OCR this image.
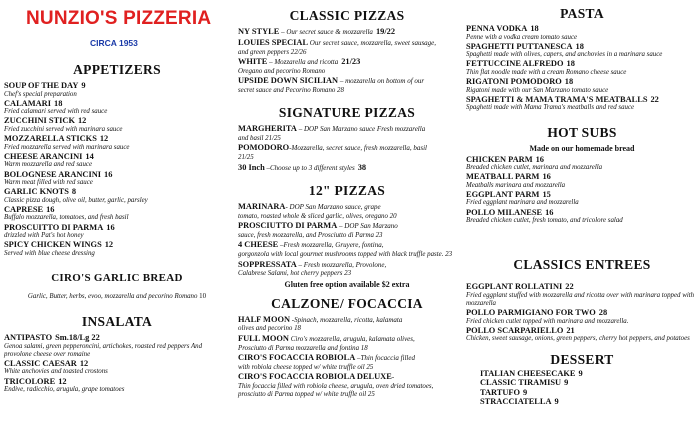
NUNZIO'S PIZZERIA
CIRCA 1953
APPETIZERS
SOUP OF THE DAY 9
Chef's special preparation
CALAMARI 18
Fried calamari served with red sauce
ZUCCHINI STICK 12
Fried zucchini served with marinara sauce
MOZZARELLA STICKS 12
Fried mozzarella served with marinara sauce
CHEESE ARANCINI 14
Warm mozzarella and red sauce
BOLOGNESE ARANCINI 16
Warm meat filled with red sauce
GARLIC KNOTS 8
Classic pizza dough, olive oil, butter, garlic, parsley
CAPRESE 16
Buffalo mozzarella, tomatoes, and fresh basil
PROSCUITTO DI PARMA 16
drizzled with Pat's hot honey
SPICY CHICKEN WINGS 12
Served with blue cheese dressing
CIRO'S GARLIC BREAD
Garlic, Butter, herbs, evoo, mozzarella and pecorino Romano 10
INSALATA
ANTIPASTO Sm.18/Lg 22
Genoa salami, green pepperoncini, artichokes, roasted red peppers And provolone cheese over romaine
CLASSIC CAESAR 12
White anchovies and toasted crostons
TRICOLORE 12
Endive, radicchio, arugula, grape tomatoes
CLASSIC PIZZAS
NY STYLE – Our secret sauce & mozzarella 19/22
LOUIES SPECIAL Our secret sauce, mozzarella, sweet sausage,
and green peppers 22/26
WHITE – Mozzarella and ricotta 21/23
Oregano and pecorino Romano
UPSIDE DOWN SICILIAN – mozzarella on bottom of our
secret sauce and Pecorino Romano 28
SIGNATURE PIZZAS
MARGHERITA – DOP San Marzano sauce Fresh mozzarella
and basil 21/25
POMODORO-Mozzarella, secret sauce, fresh mozzarella, basil
21/25
30 Inch –Choose up to 3 different styles 38
12" PIZZAS
MARINARA- DOP San Marzano sauce, grape
tomato, roasted whole & sliced garlic, olives, oregano 20
PROSCIUTTO DI PARMA – DOP San Marzano
sauce, fresh mozzarella, and Prosciutto di Parma 23
4 CHEESE –Fresh mozzarella, Gruyere, fontina,
gorgonzola with local gourmet mushrooms topped with black truffle paste. 23
SOPPRESSATA – Fresh mozzarella, Provolone,
Calabrese Salami, hot cherry peppers 23
Gluten free option available $2 extra
CALZONE/ FOCACCIA
HALF MOON -Spinach, mozzarella, ricotta, kalamata
olives and pecorino 18
FULL MOON Ciro's mozzarella, arugula, kalamata olives,
Prosciutto di Parma mozzarella and fontina 18
CIRO'S FOCACCIA ROBIOLA –Thin focaccia filled
with robiola cheese topped w/ white truffle oil 25
CIRO'S FOCACCIA ROBIOLA DELUXE-
Thin focaccia filled with robiola cheese, arugula, oven dried tomatoes, prosciutto di Parma topped w/ white truffle oil 25
PASTA
PENNA VODKA 18
Penne with a vodka cream tomato sauce
SPAGHETTI PUTTANESCA 18
Spaghetti made with olives, capers, and anchovies in a marinara sauce
FETTUCCINE ALFREDO 18
Thin flat noodle made with a cream Romano cheese sauce
RIGATONI POMODORO 18
Rigatoni made with our San Marzano tomato sauce
SPAGHETTI & MAMA TRAMA'S MEATBALLS 22
Spaghetti made with Mama Trama's meatballs and red sauce
HOT SUBS
Made on our homemade bread
CHICKEN PARM 16
Breaded chicken cutlet, marinara and mozzarella
MEATBALL PARM 16
Meatballs marinara and mozzarella
EGGPLANT PARM 15
Fried eggplant marinara and mozzarella
POLLO MILANESE 16
Breaded chicken cutlet, fresh tomato, and tricolore salad
CLASSICS ENTREES
EGGPLANT ROLLATINI 22
Fried eggplant stuffed with mozzarella and ricotta over with marinara topped with mozzarella
POLLO PARMIGIANO FOR TWO 28
Fried chicken cutlet topped with marinara and mozzarella.
POLLO SCARPARIELLO 21
Chicken, sweet sausage, onions, green peppers, cherry hot peppers, and potatoes
DESSERT
ITALIAN CHEESECAKE 9
CLASSIC TIRAMISU 9
TARTUFO 9
STRACCIATELLA 9
